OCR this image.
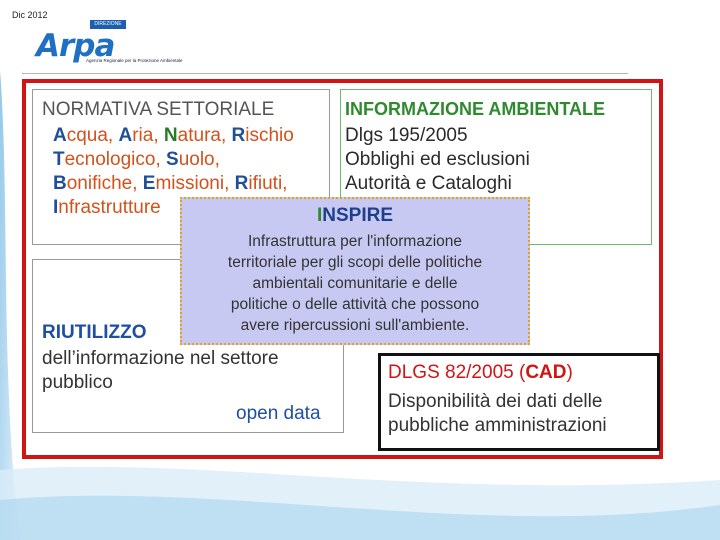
Dic 2012
DIREZIONE
Arpa
Agenzia Regionale per la Protezione Ambientale
NORMATIVA SETTORIALE
Acqua, Aria, Natura, Rischio
Tecnologico, Suolo,
Bonifiche, Emissioni, Rifiuti,
Infrastrutture
INFORMAZIONE AMBIENTALE
Dlgs 195/2005
Obblighi ed esclusioni
Autorità e Cataloghi
RIUTILIZZO
dell’informazione nel settore
pubblico
open data
INSPIRE
Infrastruttura per l'informazione
territoriale per gli scopi delle politiche
ambientali comunitarie e delle
politiche o delle attività che possono
avere ripercussioni sull'ambiente.
DLGS 82/2005 (CAD)
Disponibilità dei dati delle
pubbliche amministrazioni
